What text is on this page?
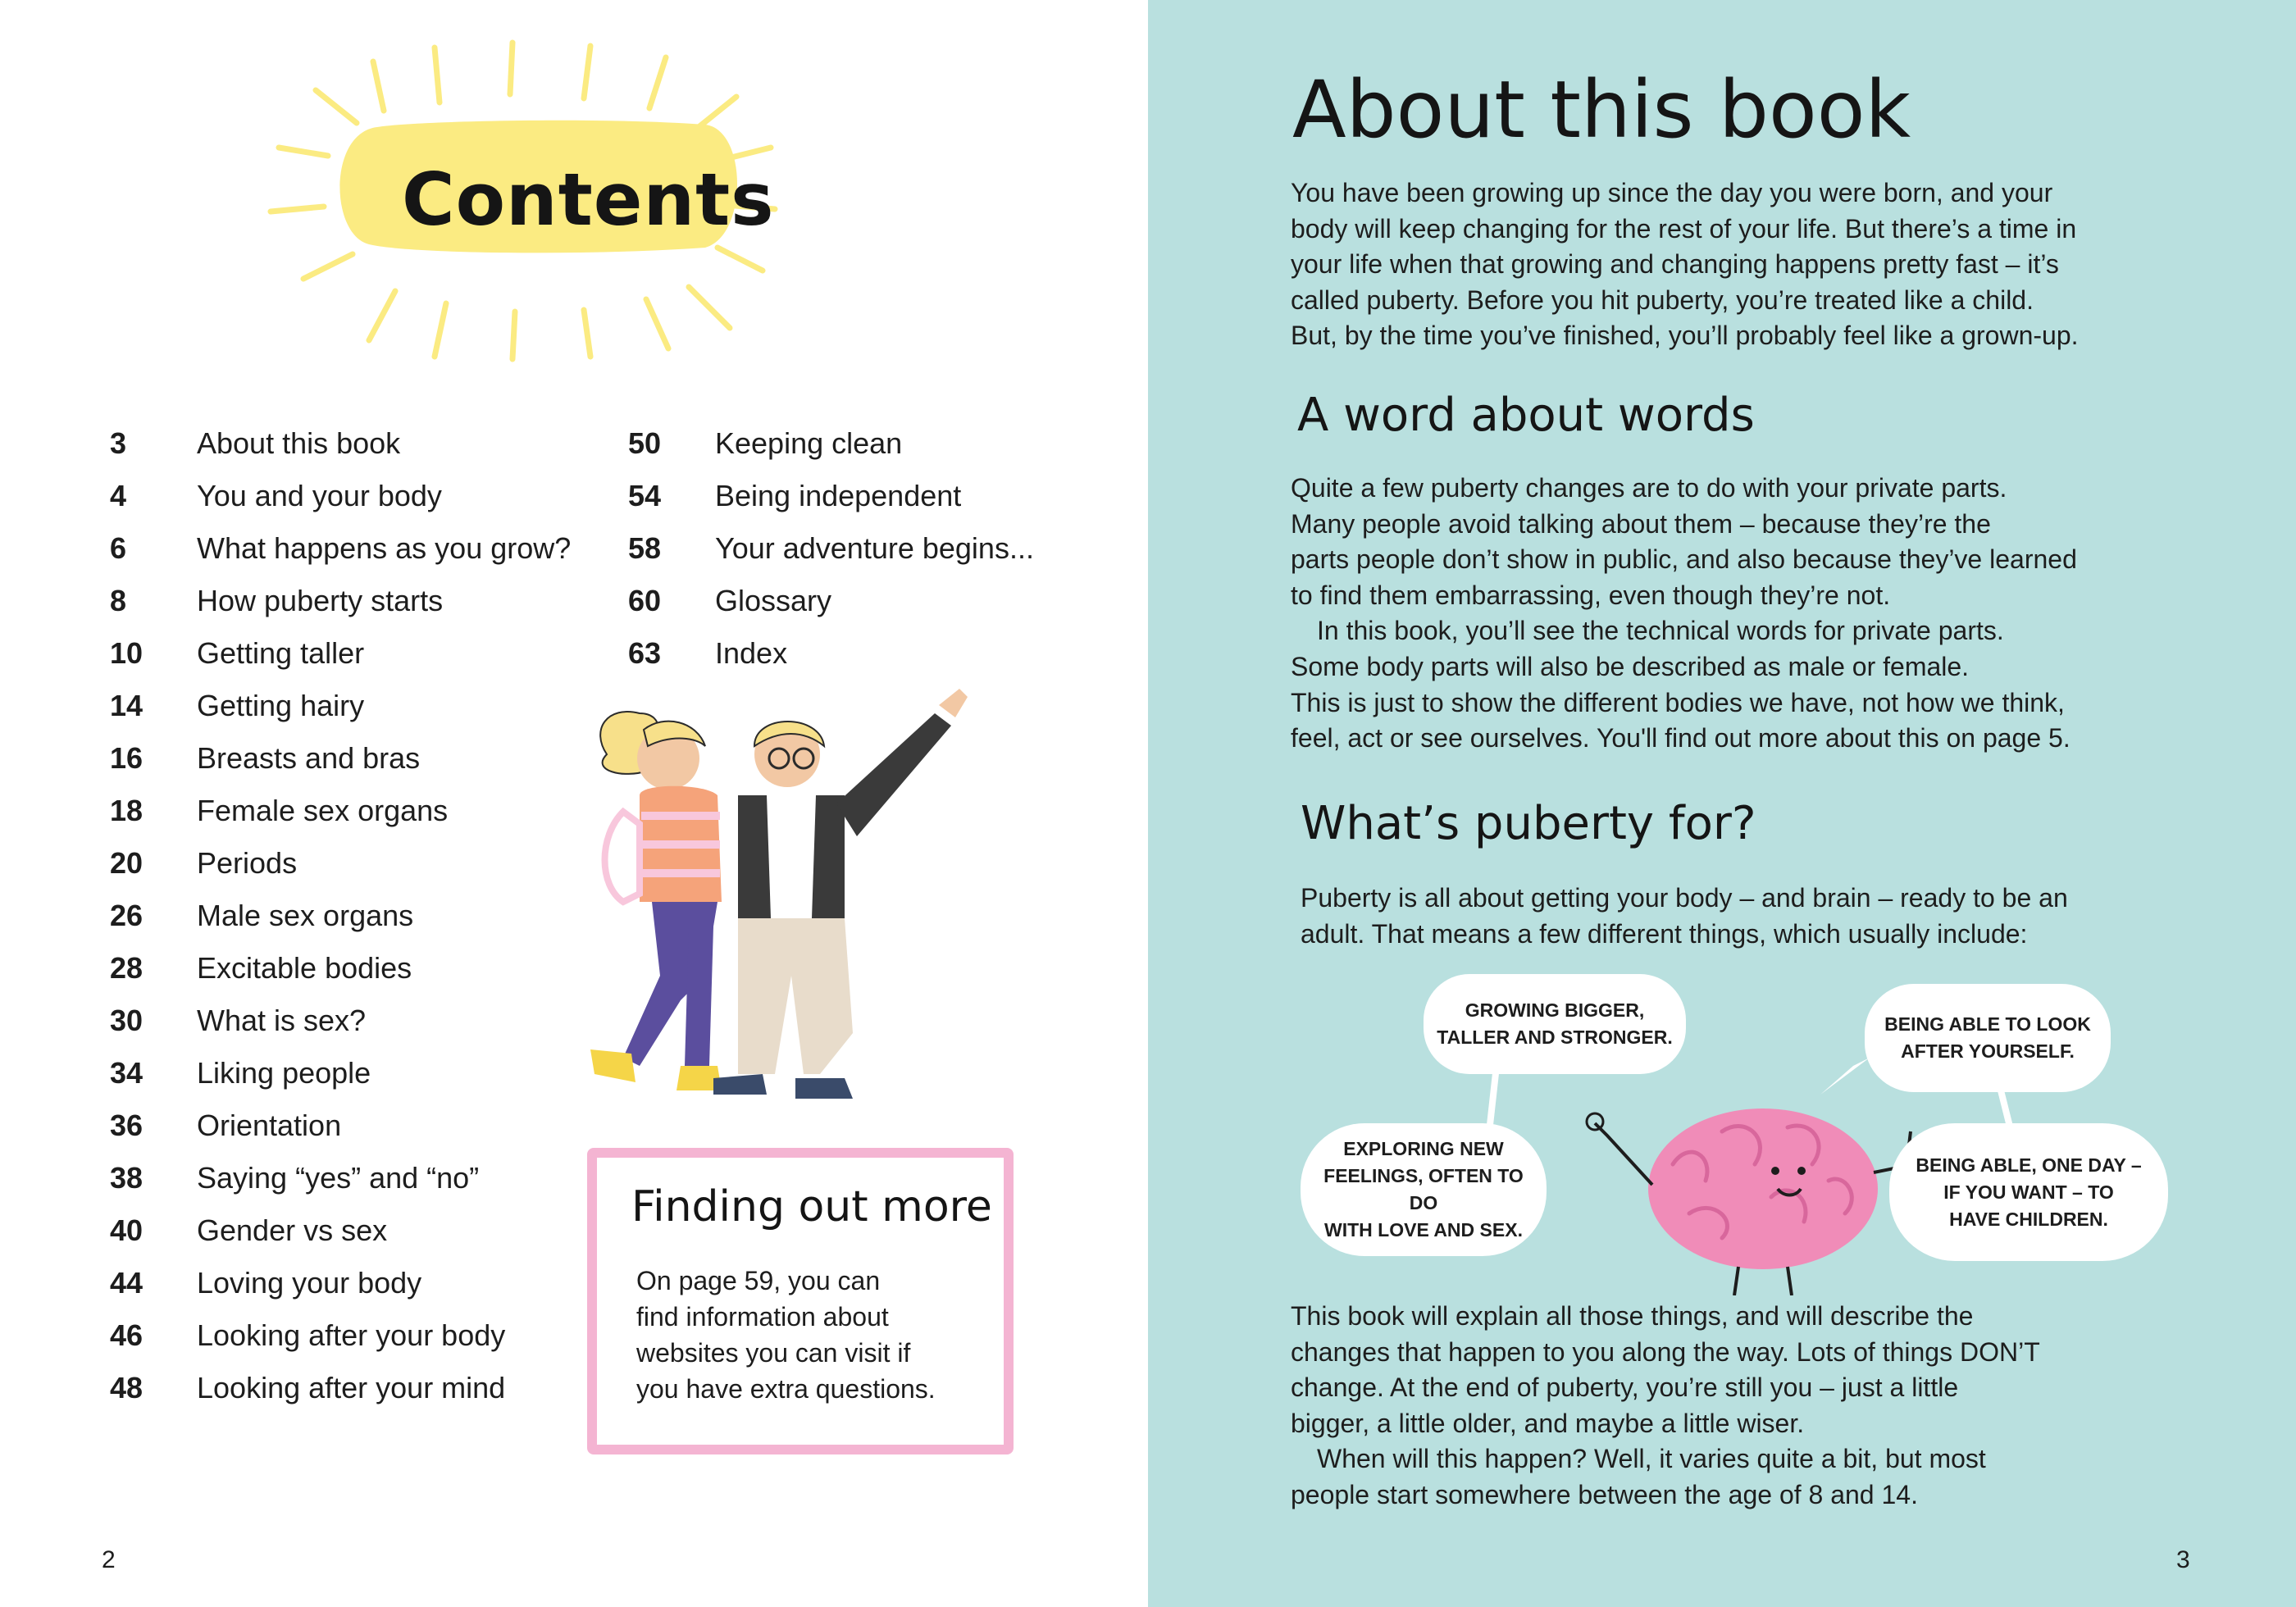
Contents
3 About this book
4 You and your body
6 What happens as you grow?
8 How puberty starts
10 Getting taller
14 Getting hairy
16 Breasts and bras
18 Female sex organs
20 Periods
26 Male sex organs
28 Excitable bodies
30 What is sex?
34 Liking people
36 Orientation
38 Saying “yes” and “no”
40 Gender vs sex
44 Loving your body
46 Looking after your body
48 Looking after your mind
50 Keeping clean
54 Being independent
58 Your adventure begins...
60 Glossary
63 Index
Finding out more
On page 59, you can
find information about
websites you can visit if
you have extra questions.
2
About this book

You have been growing up since the day you were born, and your

body will keep changing for the rest of your life. But there’s a time in

your life when that growing and changing happens pretty fast – it’s

called puberty. Before you hit puberty, you’re treated like a child.

But, by the time you’ve finished, you’ll probably feel like a grown-up.

A word about words

Quite a few puberty changes are to do with your private parts.

Many people avoid talking about them – because they’re the

parts people don’t show in public, and also because they’ve learned

to find them embarrassing, even though they’re not.

In this book, you’ll see the technical words for private parts.

Some body parts will also be described as male or female.

This is just to show the different bodies we have, not how we think,

feel, act or see ourselves. You'll find out more about this on page 5.

What’s puberty for?

Puberty is all about getting your body – and brain – ready to be an

adult. That means a few different things, which usually include:

GROWING BIGGER,
TALLER AND STRONGER.
BEING ABLE TO LOOK
AFTER YOURSELF.
EXPLORING NEW
FEELINGS, OFTEN TO DO
WITH LOVE AND SEX.
BEING ABLE, ONE DAY –
IF YOU WANT – TO
HAVE CHILDREN.

This book will explain all those things, and will describe the

changes that happen to you along the way. Lots of things DON’T

change. At the end of puberty, you’re still you – just a little

bigger, a little older, and maybe a little wiser.

When will this happen? Well, it varies quite a bit, but most

people start somewhere between the age of 8 and 14.

3
